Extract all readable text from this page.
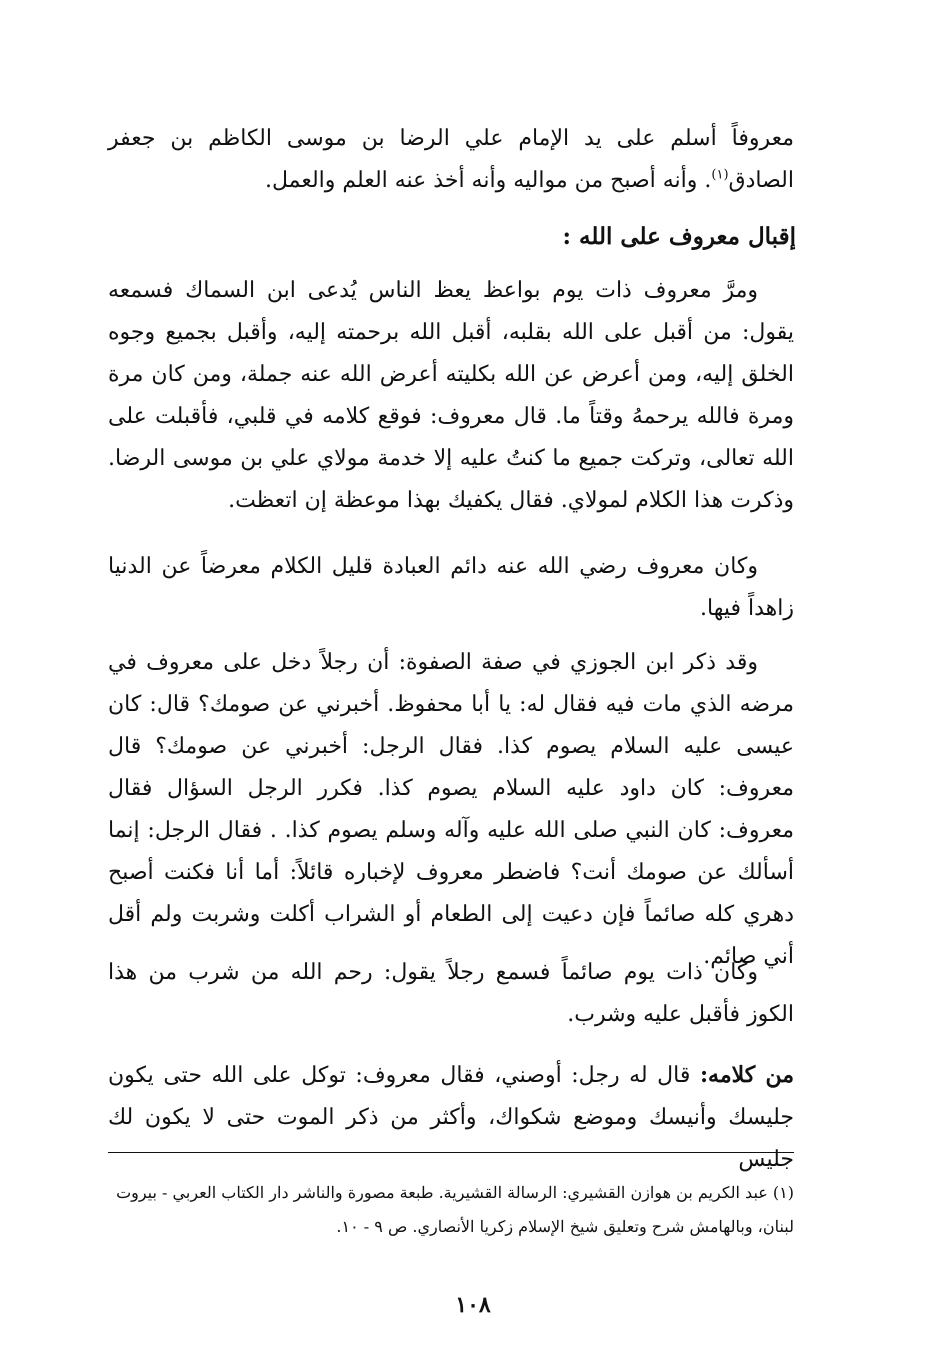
معروفاً أسلم على يد الإمام علي الرضا بن موسى الكاظم بن جعفر الصادق$^{(١)}$. وأنه أصبح من مواليه وأنه أخذ عنه العلم والعمل.
إقبال معروف على الله :
ومرَّ معروف ذات يوم بواعظ يعظ الناس يُدعى ابن السماك فسمعه يقول: من أقبل على الله بقلبه، أقبل الله برحمته إليه، وأقبل بجميع وجوه الخلق إليه، ومن أعرض عن الله بكليته أعرض الله عنه جملة، ومن كان مرة ومرة فالله يرحمهُ وقتاً ما. قال معروف: فوقع كلامه في قلبي، فأقبلت على الله تعالى، وتركت جميع ما كنتُ عليه إلا خدمة مولاي علي بن موسى الرضا. وذكرت هذا الكلام لمولاي. فقال يكفيك بهذا موعظة إن اتعظت.
وكان معروف رضي الله عنه دائم العبادة قليل الكلام معرضاً عن الدنيا زاهداً فيها.
وقد ذكر ابن الجوزي في صفة الصفوة: أن رجلاً دخل على معروف في مرضه الذي مات فيه فقال له: يا أبا محفوظ. أخبرني عن صومك؟ قال: كان عيسى عليه السلام يصوم كذا. فقال الرجل: أخبرني عن صومك؟ قال معروف: كان داود عليه السلام يصوم كذا. فكرر الرجل السؤال فقال معروف: كان النبي صلى الله عليه وآله وسلم يصوم كذا. . فقال الرجل: إنما أسألك عن صومك أنت؟ فاضطر معروف لإخباره قائلاً: أما أنا فكنت أصبح دهري كله صائماً فإن دعيت إلى الطعام أو الشراب أكلت وشربت ولم أقل أني صائم.
وكان ذات يوم صائماً فسمع رجلاً يقول: رحم الله من شرب من هذا الكوز فأقبل عليه وشرب.
من كلامه: قال له رجل: أوصني، فقال معروف: توكل على الله حتى يكون جليسك وأنيسك وموضع شكواك، وأكثر من ذكر الموت حتى لا يكون لك جليس
(١) عبد الكريم بن هوازن القشيري: الرسالة القشيرية. طبعة مصورة والناشر دار الكتاب العربي - بيروت لبنان، وبالهامش شرح وتعليق شيخ الإسلام زكريا الأنصاري. ص ٩ - ١٠.
١٠٨
